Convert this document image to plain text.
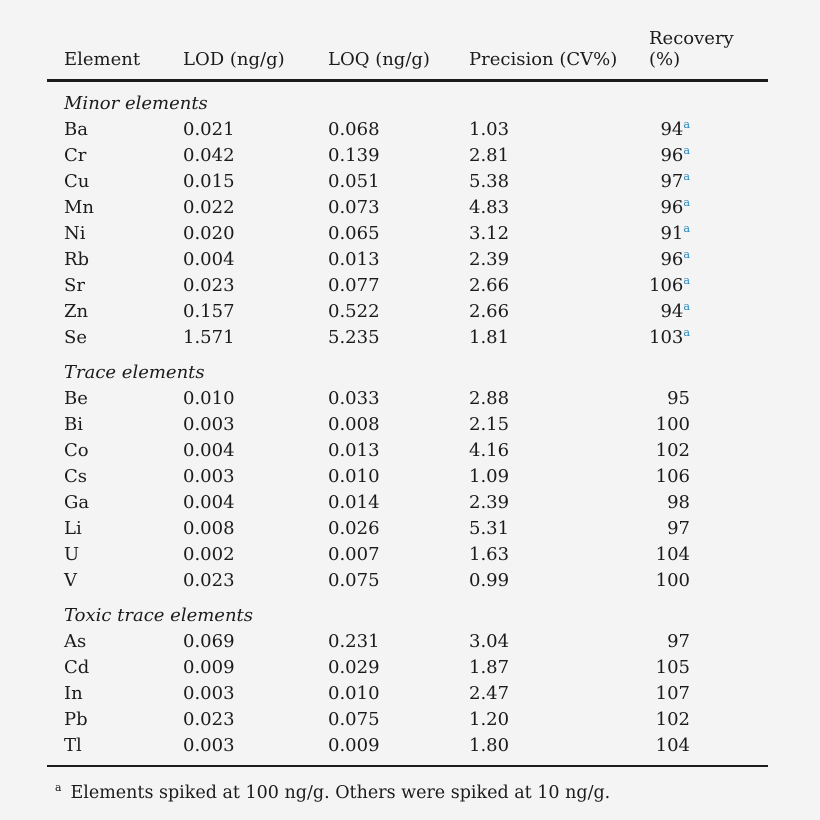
Element	LOD (ng/g)	LOQ (ng/g)	Precision (CV%)	Recovery (%)
Minor elements				
Ba	0.021	0.068	1.03	94$^a$
Cr	0.042	0.139	2.81	96$^a$
Cu	0.015	0.051	5.38	97$^a$
Mn	0.022	0.073	4.83	96$^a$
Ni	0.020	0.065	3.12	91$^a$
Rb	0.004	0.013	2.39	96$^a$
Sr	0.023	0.077	2.66	106$^a$
Zn	0.157	0.522	2.66	94$^a$
Se	1.571	5.235	1.81	103$^a$
Trace elements				
Be	0.010	0.033	2.88	95
Bi	0.003	0.008	2.15	100
Co	0.004	0.013	4.16	102
Cs	0.003	0.010	1.09	106
Ga	0.004	0.014	2.39	98
Li	0.008	0.026	5.31	97
U	0.002	0.007	1.63	104
V	0.023	0.075	0.99	100
Toxic trace elements				
As	0.069	0.231	3.04	97
Cd	0.009	0.029	1.87	105
In	0.003	0.010	2.47	107
Pb	0.023	0.075	1.20	102
Tl	0.003	0.009	1.80	104
$^a$ Elements spiked at 100 ng/g. Others were spiked at 10 ng/g.
